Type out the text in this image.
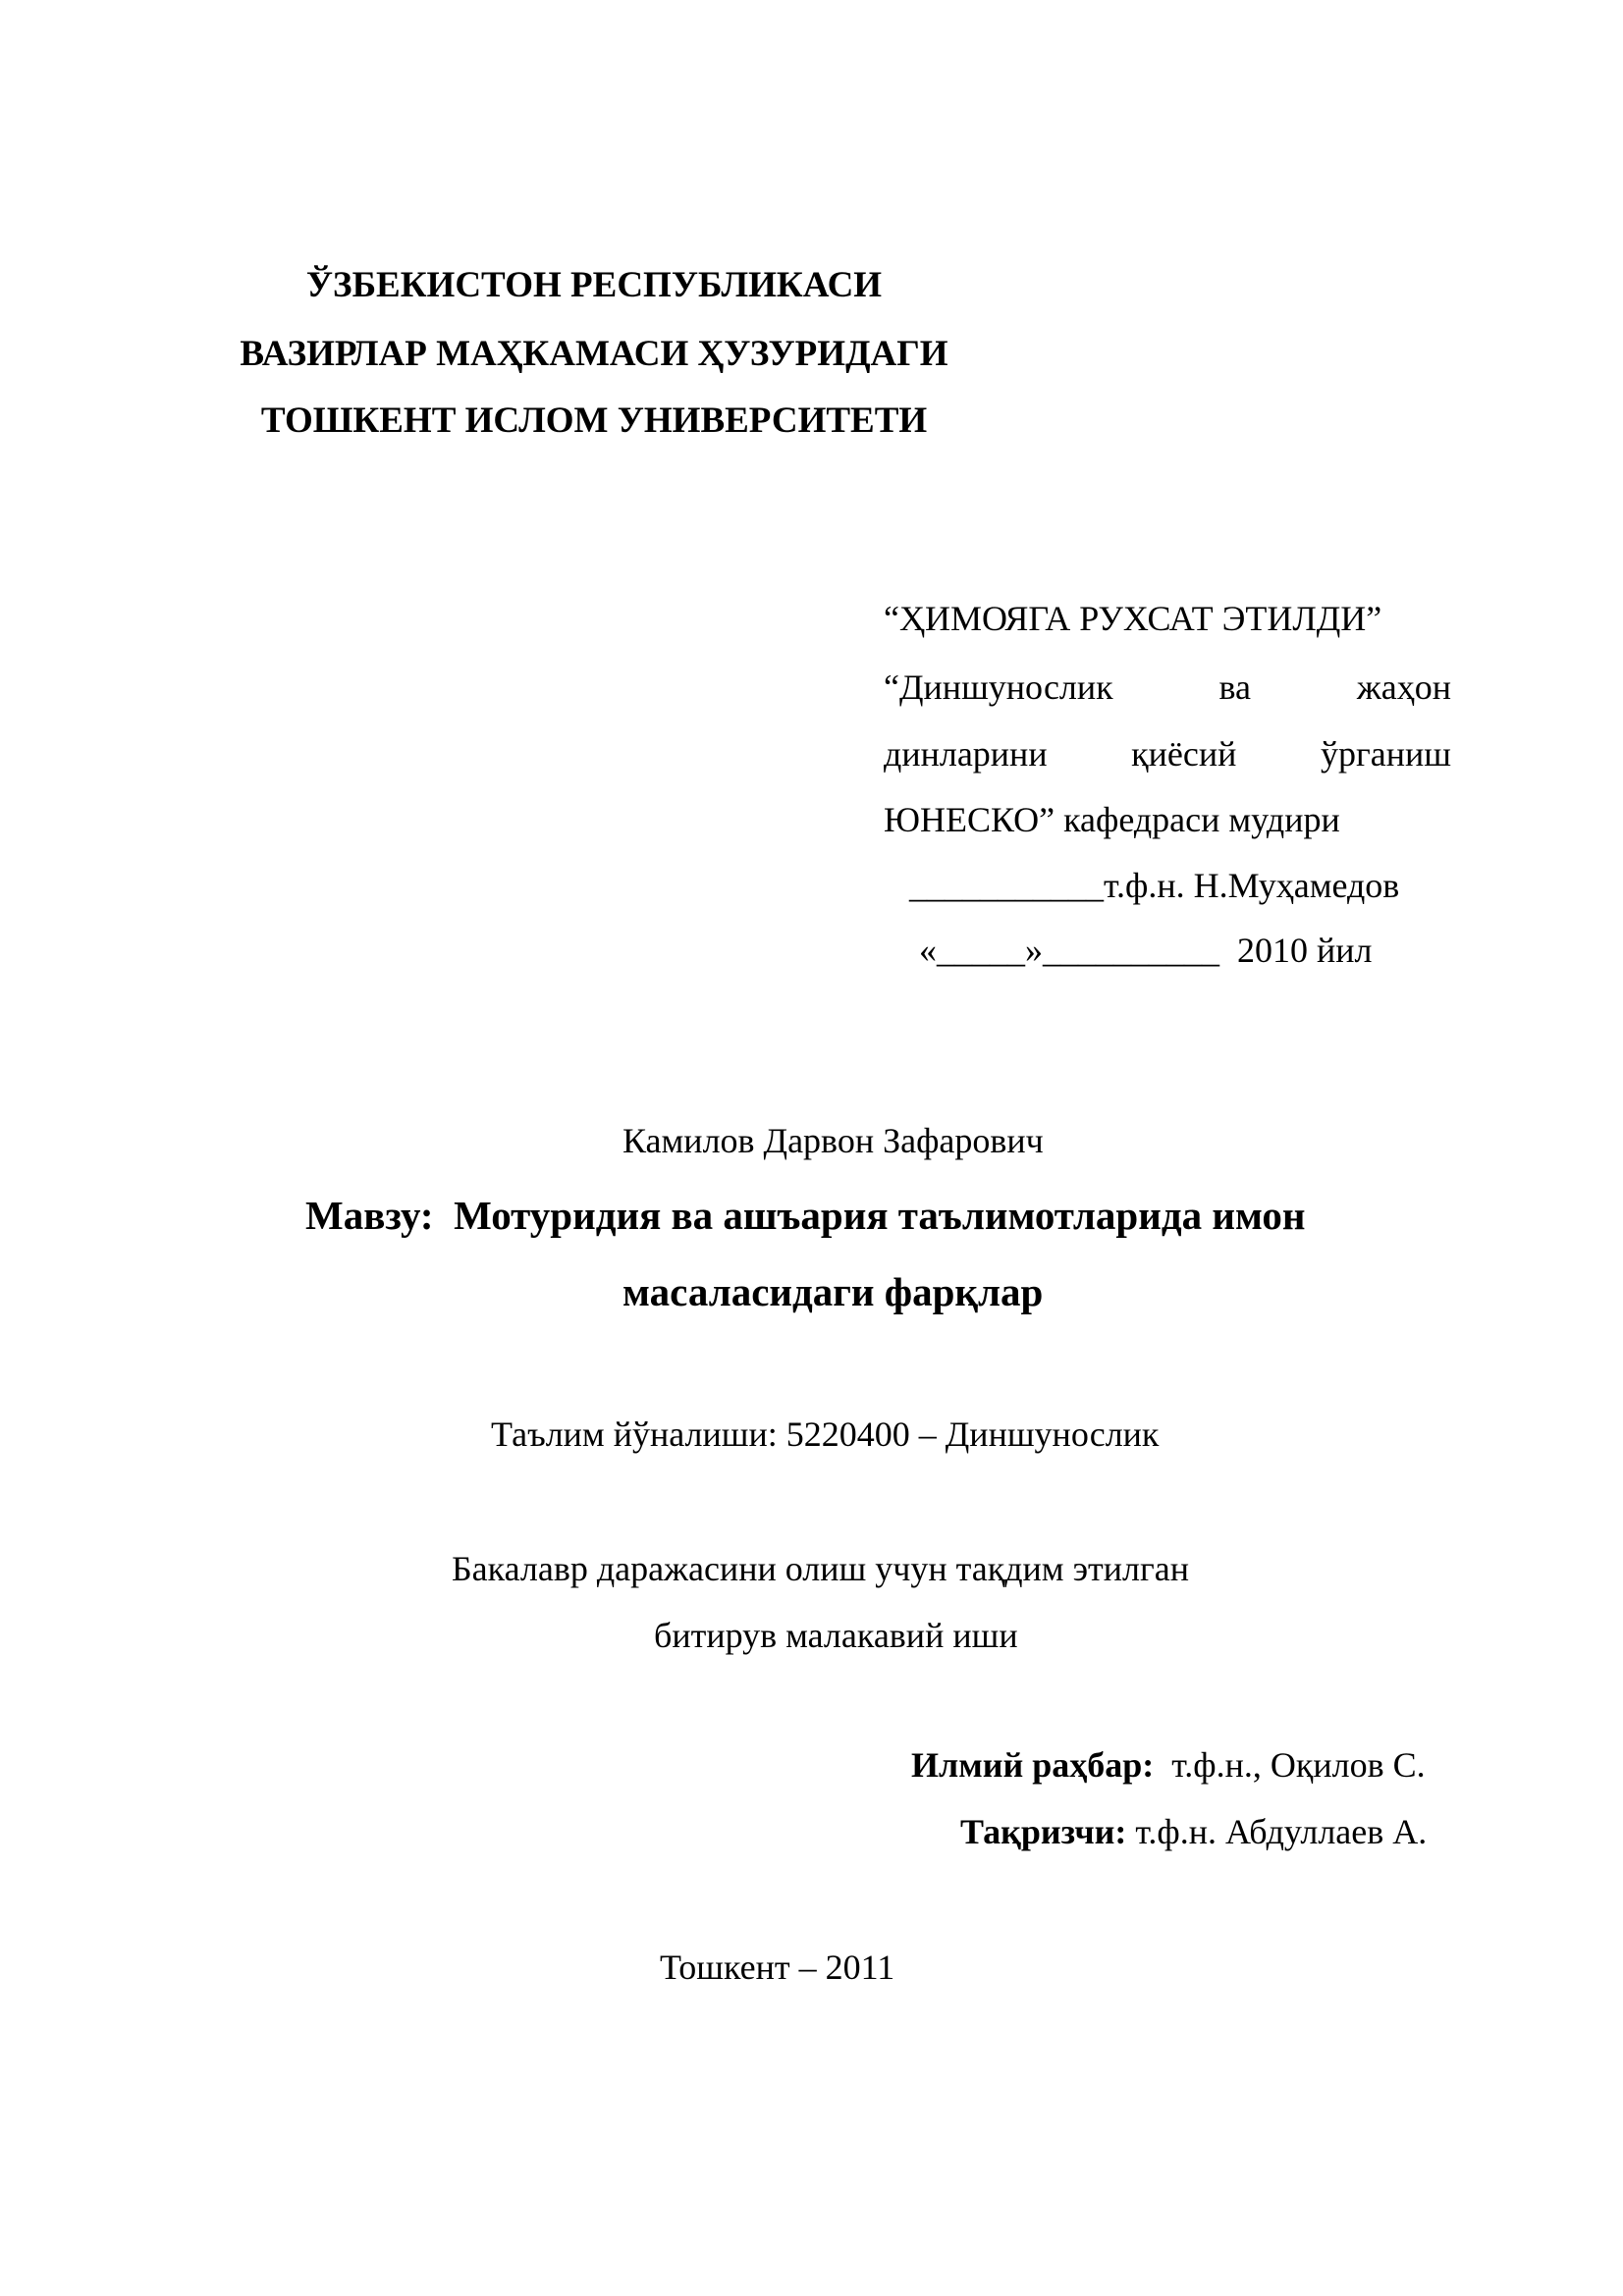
ЎЗБЕКИСТОН РЕСПУБЛИКАСИ
ВАЗИРЛАР МАҲКАМАСИ ҲУЗУРИДАГИ
ТОШКЕНТ ИСЛОМ УНИВЕРСИТЕТИ
“ҲИМОЯГА РУХСАТ ЭТИЛДИ”
“Диншунослик	ва	жаҳон
динларини қиёсий ўрганиш
ЮНЕСКО” кафедраси мудири
___________т.ф.н. Н.Муҳамедов
«_____»__________  2010 йил
Камилов Дарвон Зафарович
Мавзу:  Мотуридия ва ашъария таълимотларида имон
масаласидаги фарқлар
Таълим йўналиши: 5220400 – Диншунослик
Бакалавр даражасини олиш учун тақдим этилган
битирув малакавий иши
Илмий раҳбар:  т.ф.н., Оқилов С.
Тақризчи: т.ф.н. Абдуллаев А.
Тошкент – 2011
